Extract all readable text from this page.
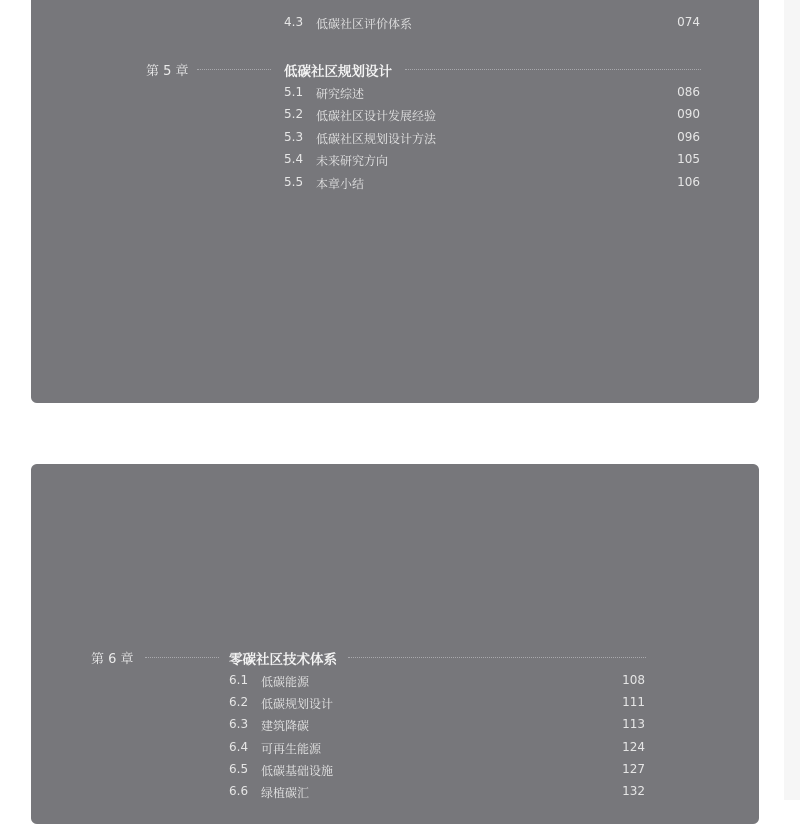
4.3 低碳社区评价体系	074
第 5 章	低碳社区规划设计
5.1 研究综述	086
5.2 低碳社区设计发展经验	090
5.3 低碳社区规划设计方法	096
5.4 未来研究方向	105
5.5 本章小结	106
第 6 章	零碳社区技术体系
6.1 低碳能源	108
6.2 低碳规划设计	111
6.3 建筑降碳	113
6.4 可再生能源	124
6.5 低碳基础设施	127
6.6 绿植碳汇	132
